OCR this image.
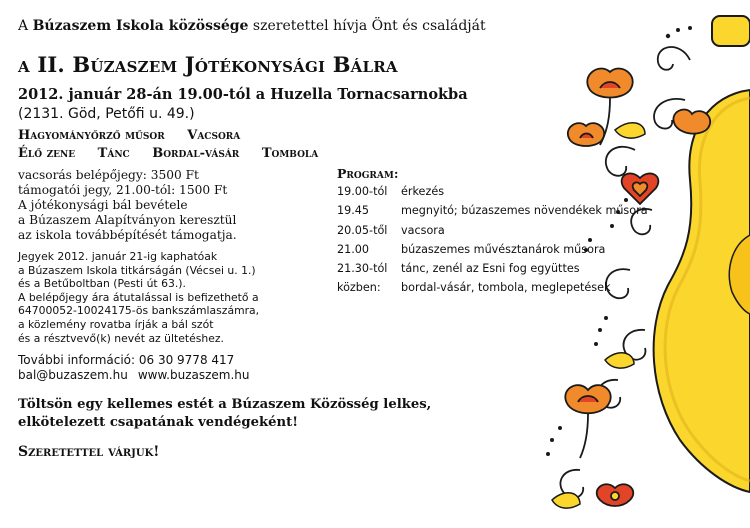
A Búzaszem Iskola közössége szeretettel hívja Önt és családját
a II. Búzaszem Jótékonysági Bálra
2012. január 28-án 19.00-tól a Huzella Tornacsarnokba
(2131. Göd, Petőfi u. 49.)
Hagyományőrző műsor Vacsora
Élő zene Tánc Bordal-vásár Tombola
vacsorás belépőjegy: 3500 Ft
támogatói jegy, 21.00-tól: 1500 Ft
A jótékonysági bál bevétele
a Búzaszem Alapítványon keresztül
az iskola továbbépítését támogatja.
Jegyek 2012. január 21-ig kaphatóak
a Búzaszem Iskola titkárságán (Vécsei u. 1.)
és a Betűboltban (Pesti út 63.).
A belépőjegy ára átutalással is befizethető a
64700052-10024175-ös bankszámlaszámra,
a közlemény rovatba írják a bál szót
és a résztvevő(k) nevét az ültetéshez.
További információ: 06 30 9778 417
bal@buzaszem.hu www.buzaszem.hu
Töltsön egy kellemes estét a Búzaszem Közösség lelkes,
elkötelezett csapatának vendégeként!
Szeretettel várjuk!
Program:
19.00-tól	érkezés
19.45	megnyitó; búzaszemes növendékek műsora
20.05-től	vacsora
21.00	búzaszemes művésztanárok műsora
21.30-tól	tánc, zenél az Esni fog együttes
közben:	bordal-vásár, tombola, meglepetések
